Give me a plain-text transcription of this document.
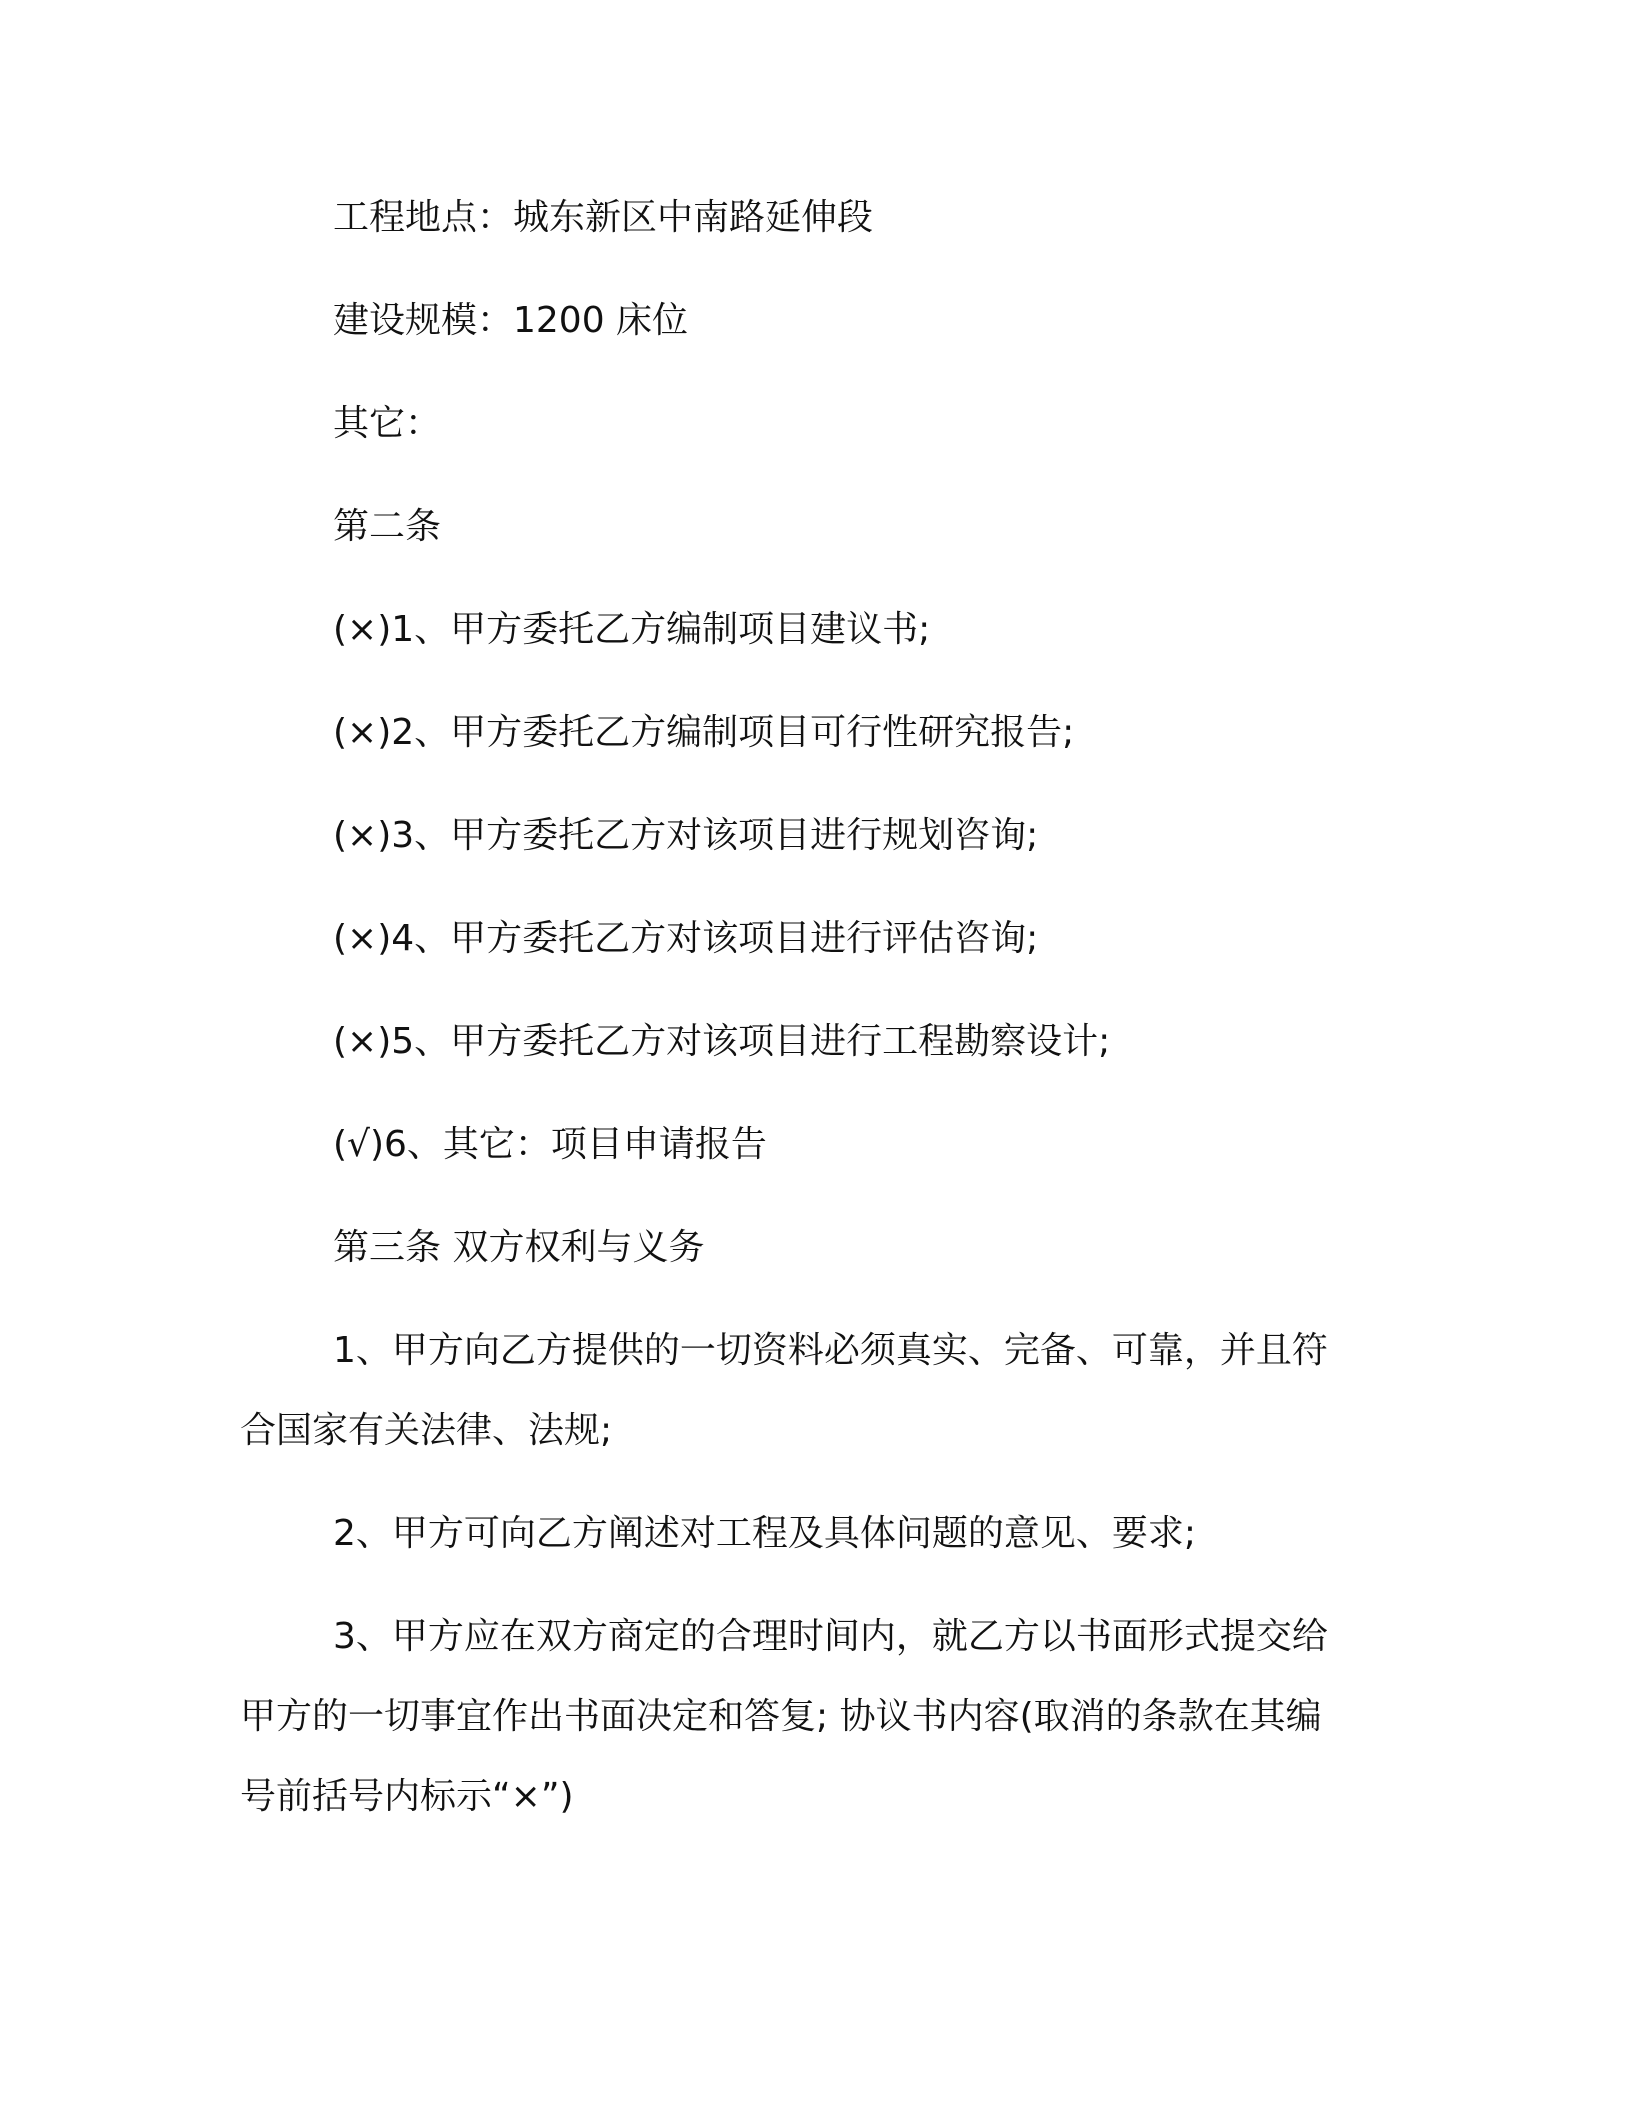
工程地点：城东新区中南路延伸段
建设规模：1200 床位
其它：
第二条
(×)1、甲方委托乙方编制项目建议书;
(×)2、甲方委托乙方编制项目可行性研究报告;
(×)3、甲方委托乙方对该项目进行规划咨询;
(×)4、甲方委托乙方对该项目进行评估咨询;
(×)5、甲方委托乙方对该项目进行工程勘察设计;
(√)6、其它：项目申请报告
第三条 双方权利与义务
1、甲方向乙方提供的一切资料必须真实、完备、可靠，并且符
合国家有关法律、法规;
2、甲方可向乙方阐述对工程及具体问题的意见、要求;
3、甲方应在双方商定的合理时间内，就乙方以书面形式提交给
甲方的一切事宜作出书面决定和答复; 协议书内容(取消的条款在其编
号前括号内标示“×”)
